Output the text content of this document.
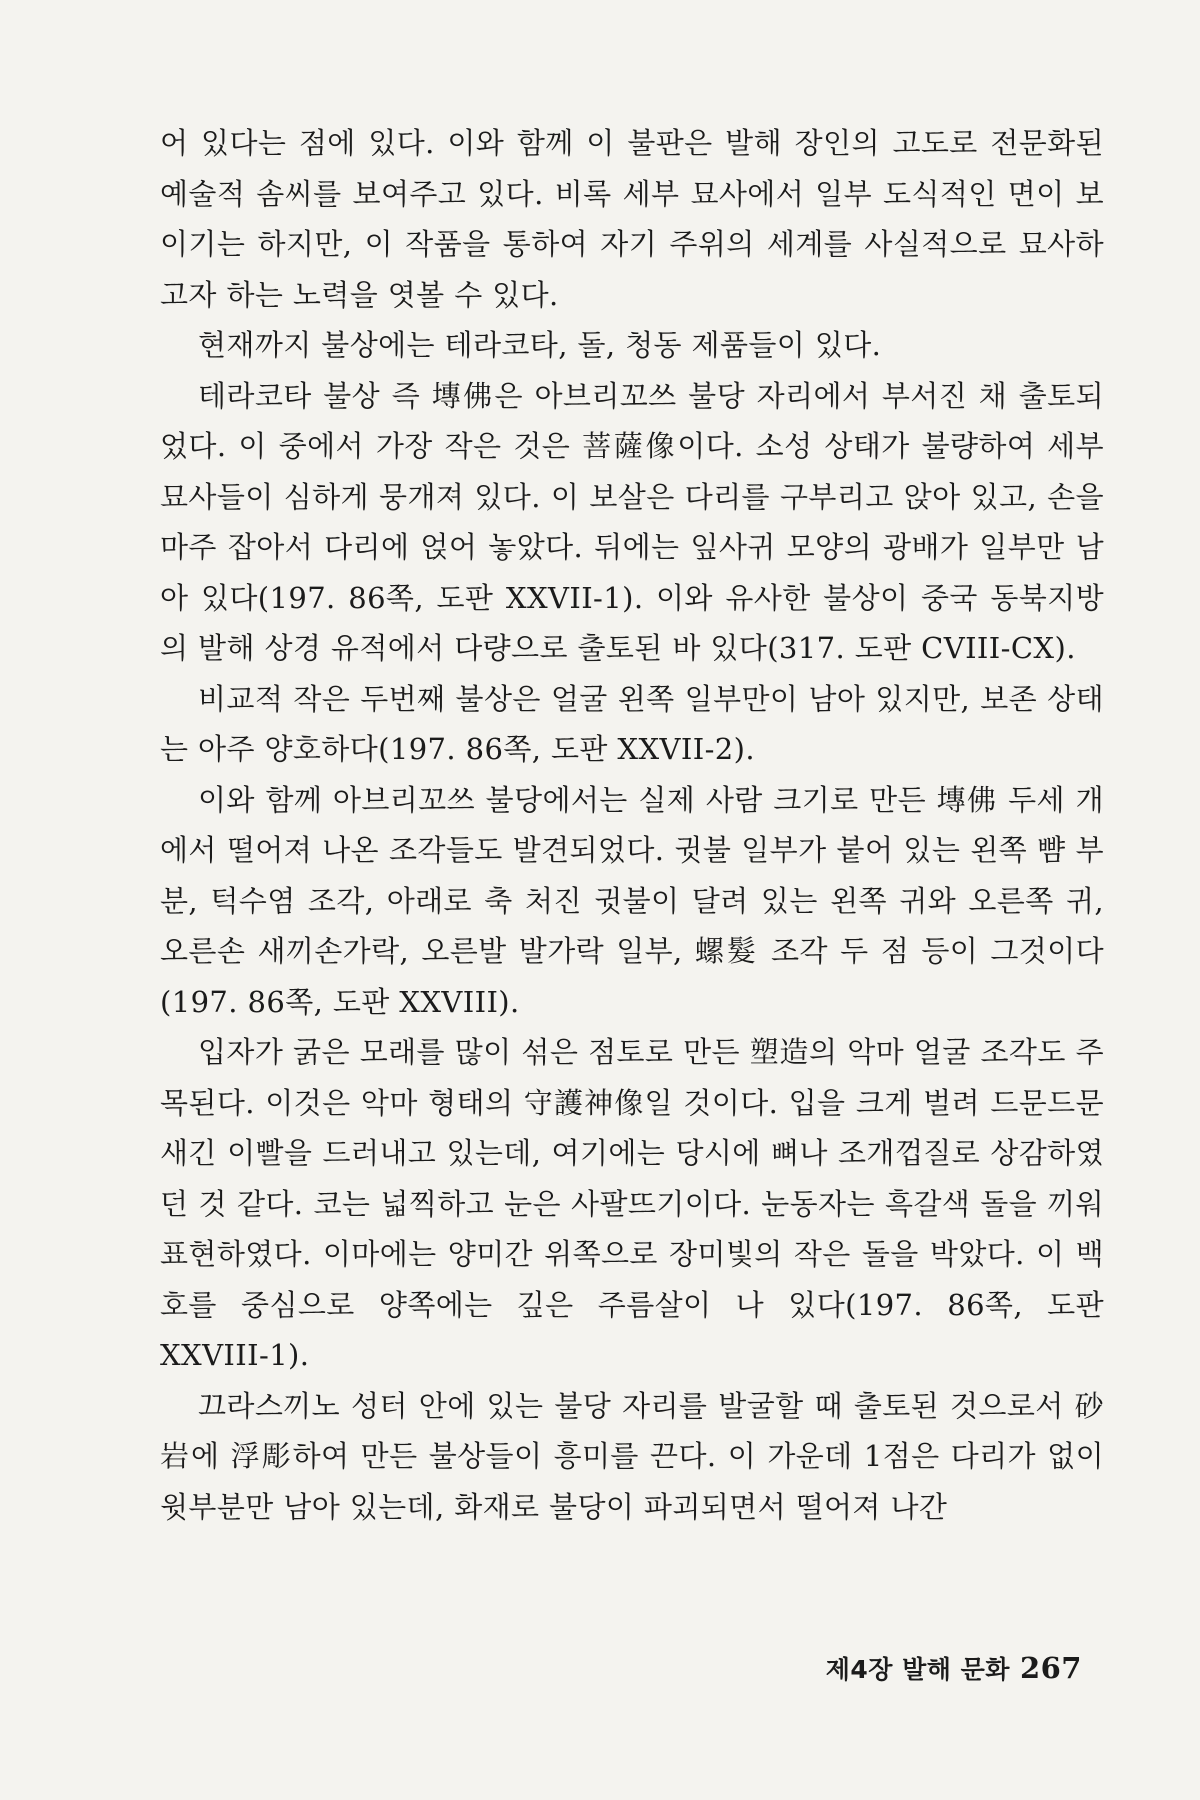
어 있다는 점에 있다. 이와 함께 이 불판은 발해 장인의 고도로 전문화된 예술적 솜씨를 보여주고 있다. 비록 세부 묘사에서 일부 도식적인 면이 보이기는 하지만, 이 작품을 통하여 자기 주위의 세계를 사실적으로 묘사하고자 하는 노력을 엿볼 수 있다.

현재까지 불상에는 테라코타, 돌, 청동 제품들이 있다.

테라코타 불상 즉 塼佛은 아브리꼬쓰 불당 자리에서 부서진 채 출토되었다. 이 중에서 가장 작은 것은 菩薩像이다. 소성 상태가 불량하여 세부 묘사들이 심하게 뭉개져 있다. 이 보살은 다리를 구부리고 앉아 있고, 손을 마주 잡아서 다리에 얹어 놓았다. 뒤에는 잎사귀 모양의 광배가 일부만 남아 있다(197. 86쪽, 도판 XXVII-1). 이와 유사한 불상이 중국 동북지방의 발해 상경 유적에서 다량으로 출토된 바 있다(317. 도판 CVIII-CX).

비교적 작은 두번째 불상은 얼굴 왼쪽 일부만이 남아 있지만, 보존 상태는 아주 양호하다(197. 86쪽, 도판 XXVII-2).

이와 함께 아브리꼬쓰 불당에서는 실제 사람 크기로 만든 塼佛 두세 개에서 떨어져 나온 조각들도 발견되었다. 귓불 일부가 붙어 있는 왼쪽 뺨 부분, 턱수염 조각, 아래로 축 처진 귓불이 달려 있는 왼쪽 귀와 오른쪽 귀, 오른손 새끼손가락, 오른발 발가락 일부, 螺髮 조각 두 점 등이 그것이다(197. 86쪽, 도판 XXVIII).

입자가 굵은 모래를 많이 섞은 점토로 만든 塑造의 악마 얼굴 조각도 주목된다. 이것은 악마 형태의 守護神像일 것이다. 입을 크게 벌려 드문드문 새긴 이빨을 드러내고 있는데, 여기에는 당시에 뼈나 조개껍질로 상감하였던 것 같다. 코는 넓찍하고 눈은 사팔뜨기이다. 눈동자는 흑갈색 돌을 끼워 표현하였다. 이마에는 양미간 위쪽으로 장미빛의 작은 돌을 박았다. 이 백호를 중심으로 양쪽에는 깊은 주름살이 나 있다(197. 86쪽, 도판 XXVIII-1).

끄라스끼노 성터 안에 있는 불당 자리를 발굴할 때 출토된 것으로서 砂岩에 浮彫하여 만든 불상들이 흥미를 끈다. 이 가운데 1점은 다리가 없이 윗부분만 남아 있는데, 화재로 불당이 파괴되면서 떨어져 나간

제4장 발해 문화 267
